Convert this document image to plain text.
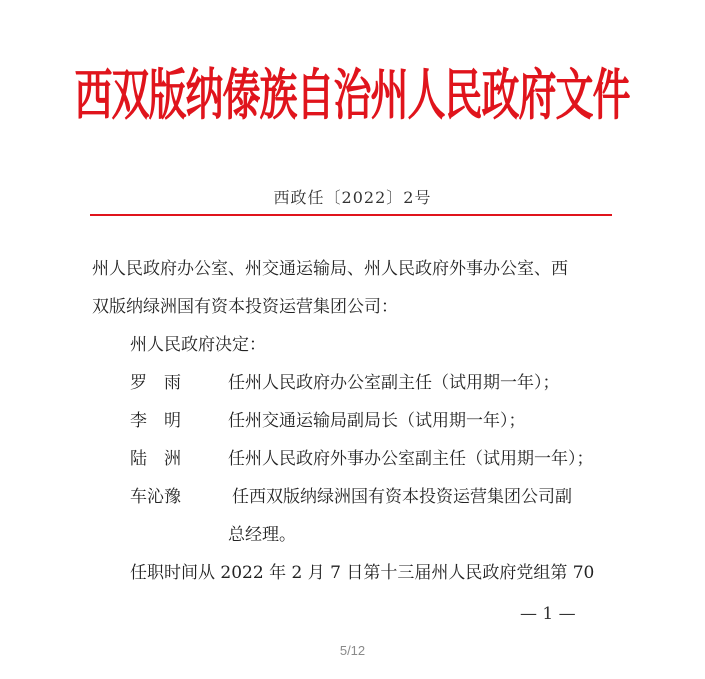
西双版纳傣族自治州人民政府文件
西政任〔2022〕2号
州人民政府办公室、州交通运输局、州人民政府外事办公室、西
双版纳绿洲国有资本投资运营集团公司：
州人民政府决定：
罗　雨	任州人民政府办公室副主任（试用期一年）；
李　明	任州交通运输局副局长（试用期一年）；
陆　洲	任州人民政府外事办公室副主任（试用期一年）；
车沁豫	任西双版纳绿洲国有资本投资运营集团公司副
总经理。
任职时间从 2022 年 2 月 7 日第十三届州人民政府党组第 70
— 1 —
5/12
